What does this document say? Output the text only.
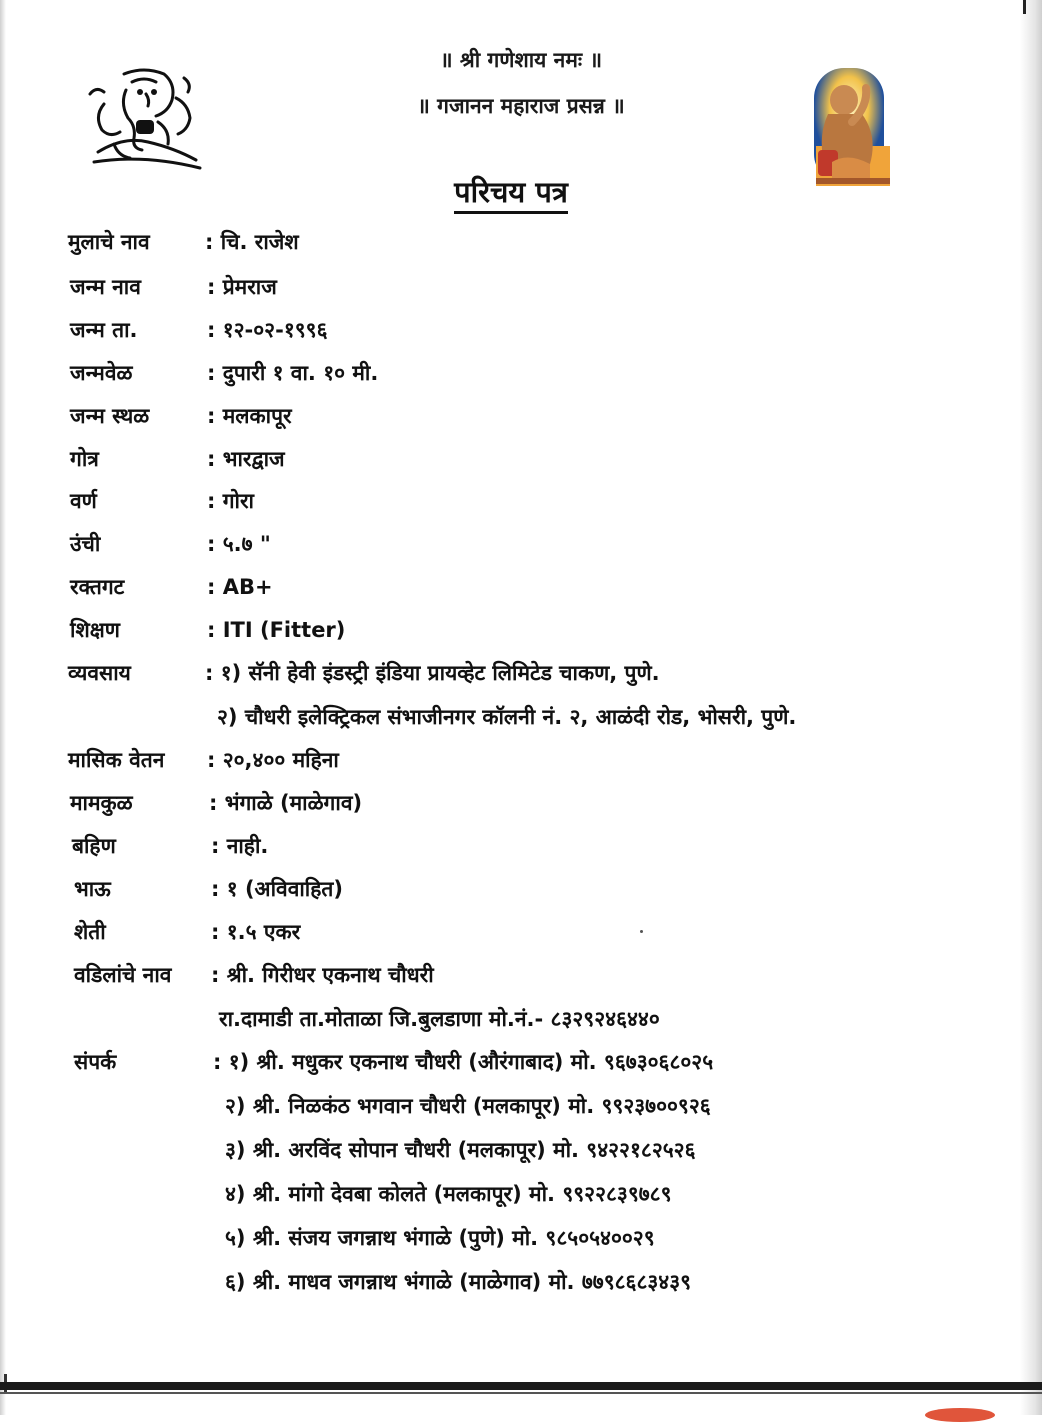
॥ श्री गणेशाय नमः ॥
॥ गजानन महाराज प्रसन्न ॥
परिचय पत्र
मुलाचे नाव	: चि. राजेश
जन्म नाव	: प्रेमराज
जन्म ता.	: १२-०२-१९९६
जन्मवेळ	: दुपारी १ वा. १० मी.
जन्म स्थळ	: मलकापूर
गोत्र	: भारद्वाज
वर्ण	: गोरा
उंची	: ५.७ "
रक्तगट	: AB+
शिक्षण	: ITI (Fitter)
व्यवसाय	: १) सॅनी हेवी इंडस्ट्री इंडिया प्रायव्हेट लिमिटेड चाकण, पुणे.
२) चौधरी इलेक्ट्रिकल संभाजीनगर कॉलनी नं. २, आळंदी रोड, भोसरी, पुणे.
मासिक वेतन : २०,४०० महिना
मामकुळ	: भंगाळे (माळेगाव)
बहिण	: नाही.
भाऊ	: १ (अविवाहित)
शेती	: १.५ एकर
वडिलांचे नाव : श्री. गिरीधर एकनाथ चौधरी
रा.दामाडी ता.मोताळा जि.बुलडाणा मो.नं.- ८३२९२४६४४०
संपर्क	: १) श्री. मधुकर एकनाथ चौधरी (औरंगाबाद) मो. ९६७३०६८०२५
२) श्री. निळकंठ भगवान चौधरी (मलकापूर) मो. ९९२३७००९२६
३) श्री. अरविंद सोपान चौधरी (मलकापूर) मो. ९४२२१८२५२६
४) श्री. मांगो देवबा कोलते (मलकापूर) मो. ९९२२८३९७८९
५) श्री. संजय जगन्नाथ भंगाळे (पुणे) मो. ९८५०५४००२९
६) श्री. माधव जगन्नाथ भंगाळे (माळेगाव) मो. ७७९८६८३४३९
